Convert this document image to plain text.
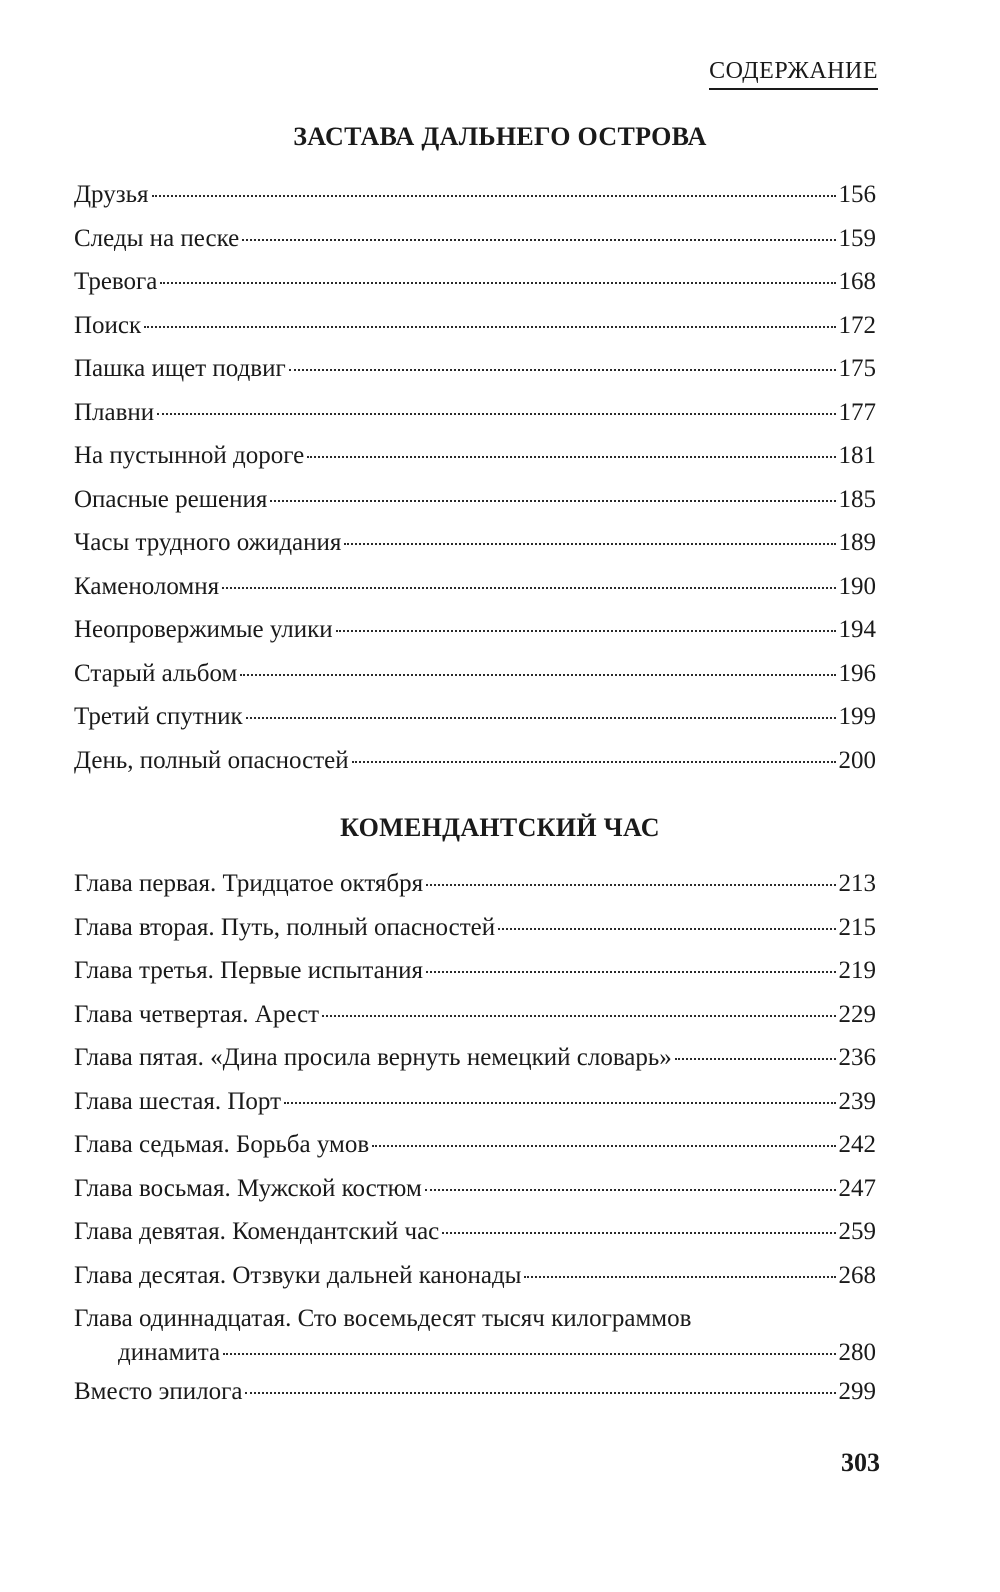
СОДЕРЖАНИЕ
ЗАСТАВА ДАЛЬНЕГО ОСТРОВА
Друзья	156
Следы на песке	159
Тревога	168
Поиск	172
Пашка ищет подвиг	175
Плавни	177
На пустынной дороге	181
Опасные решения	185
Часы трудного ожидания	189
Каменоломня	190
Неопровержимые улики	194
Старый альбом	196
Третий спутник	199
День, полный опасностей	200
КОМЕНДАНТСКИЙ ЧАС
Глава первая. Тридцатое октября	213
Глава вторая. Путь, полный опасностей	215
Глава третья. Первые испытания	219
Глава четвертая. Арест	229
Глава пятая. «Дина просила вернуть немецкий словарь»	236
Глава шестая. Порт	239
Глава седьмая. Борьба умов	242
Глава восьмая. Мужской костюм	247
Глава девятая. Комендантский час	259
Глава десятая. Отзвуки дальней канонады	268
Глава одиннадцатая. Сто восемьдесят тысяч килограммов
динамита	280
Вместо эпилога	299
303
